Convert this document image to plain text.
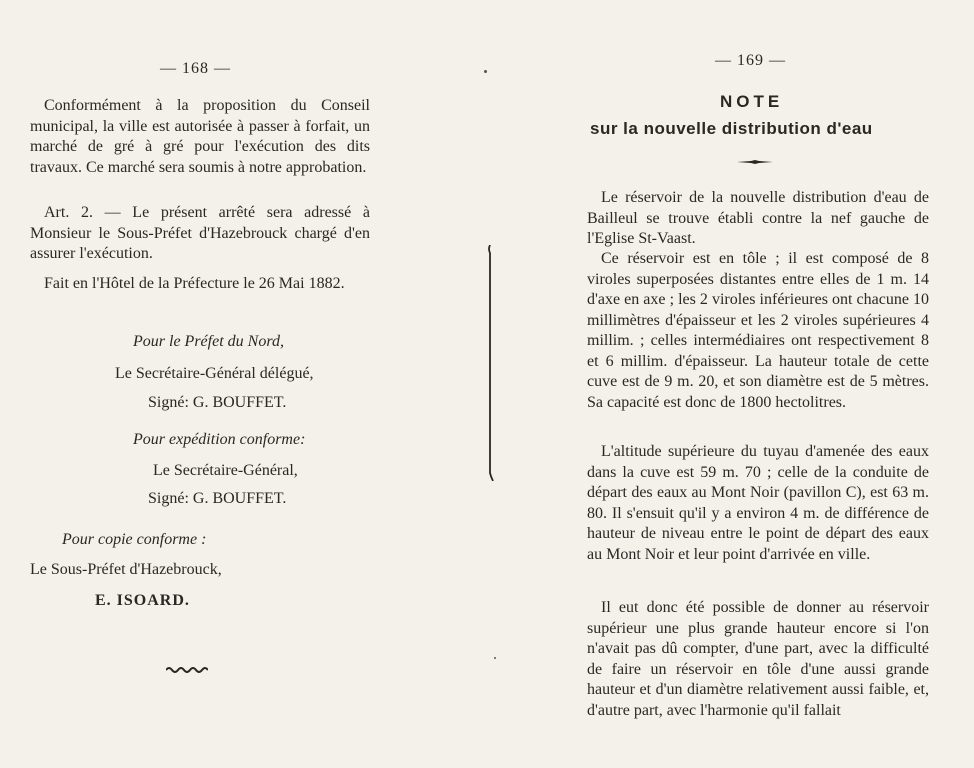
— 168 —
Conformément à la proposition du Conseil municipal, la ville est autorisée à passer à forfait, un marché de gré à gré pour l'exécution des dits travaux. Ce marché sera soumis à notre approbation.
Art. 2. — Le présent arrêté sera adressé à Monsieur le Sous-Préfet d'Hazebrouck chargé d'en assurer l'exécution.
Fait en l'Hôtel de la Préfecture le 26 Mai 1882.
Pour le Préfet du Nord,
Le Secrétaire-Général délégué,
Signé: G. BOUFFET.
Pour expédition conforme:
Le Secrétaire-Général,
Signé: G. BOUFFET.
Pour copie conforme :
Le Sous-Préfet d'Hazebrouck,
E. ISOARD.
— 169 —
NOTE
sur la nouvelle distribution d'eau
Le réservoir de la nouvelle distribution d'eau de Bailleul se trouve établi contre la nef gauche de l'Eglise St-Vaast.
Ce réservoir est en tôle ; il est composé de 8 viroles superposées distantes entre elles de 1 m. 14 d'axe en axe ; les 2 viroles inférieures ont chacune 10 millimètres d'épaisseur et les 2 viroles supérieures 4 millim. ; celles intermédiaires ont respectivement 8 et 6 millim. d'épaisseur. La hauteur totale de cette cuve est de 9 m. 20, et son diamètre est de 5 mètres. Sa capacité est donc de 1800 hectolitres.
L'altitude supérieure du tuyau d'amenée des eaux dans la cuve est 59 m. 70 ; celle de la conduite de départ des eaux au Mont Noir (pavillon C), est 63 m. 80. Il s'ensuit qu'il y a environ 4 m. de différence de hauteur de niveau entre le point de départ des eaux au Mont Noir et leur point d'arrivée en ville.
Il eut donc été possible de donner au réservoir supérieur une plus grande hauteur encore si l'on n'avait pas dû compter, d'une part, avec la difficulté de faire un réservoir en tôle d'une aussi grande hauteur et d'un diamètre relativement aussi faible, et, d'autre part, avec l'harmonie qu'il fallait
